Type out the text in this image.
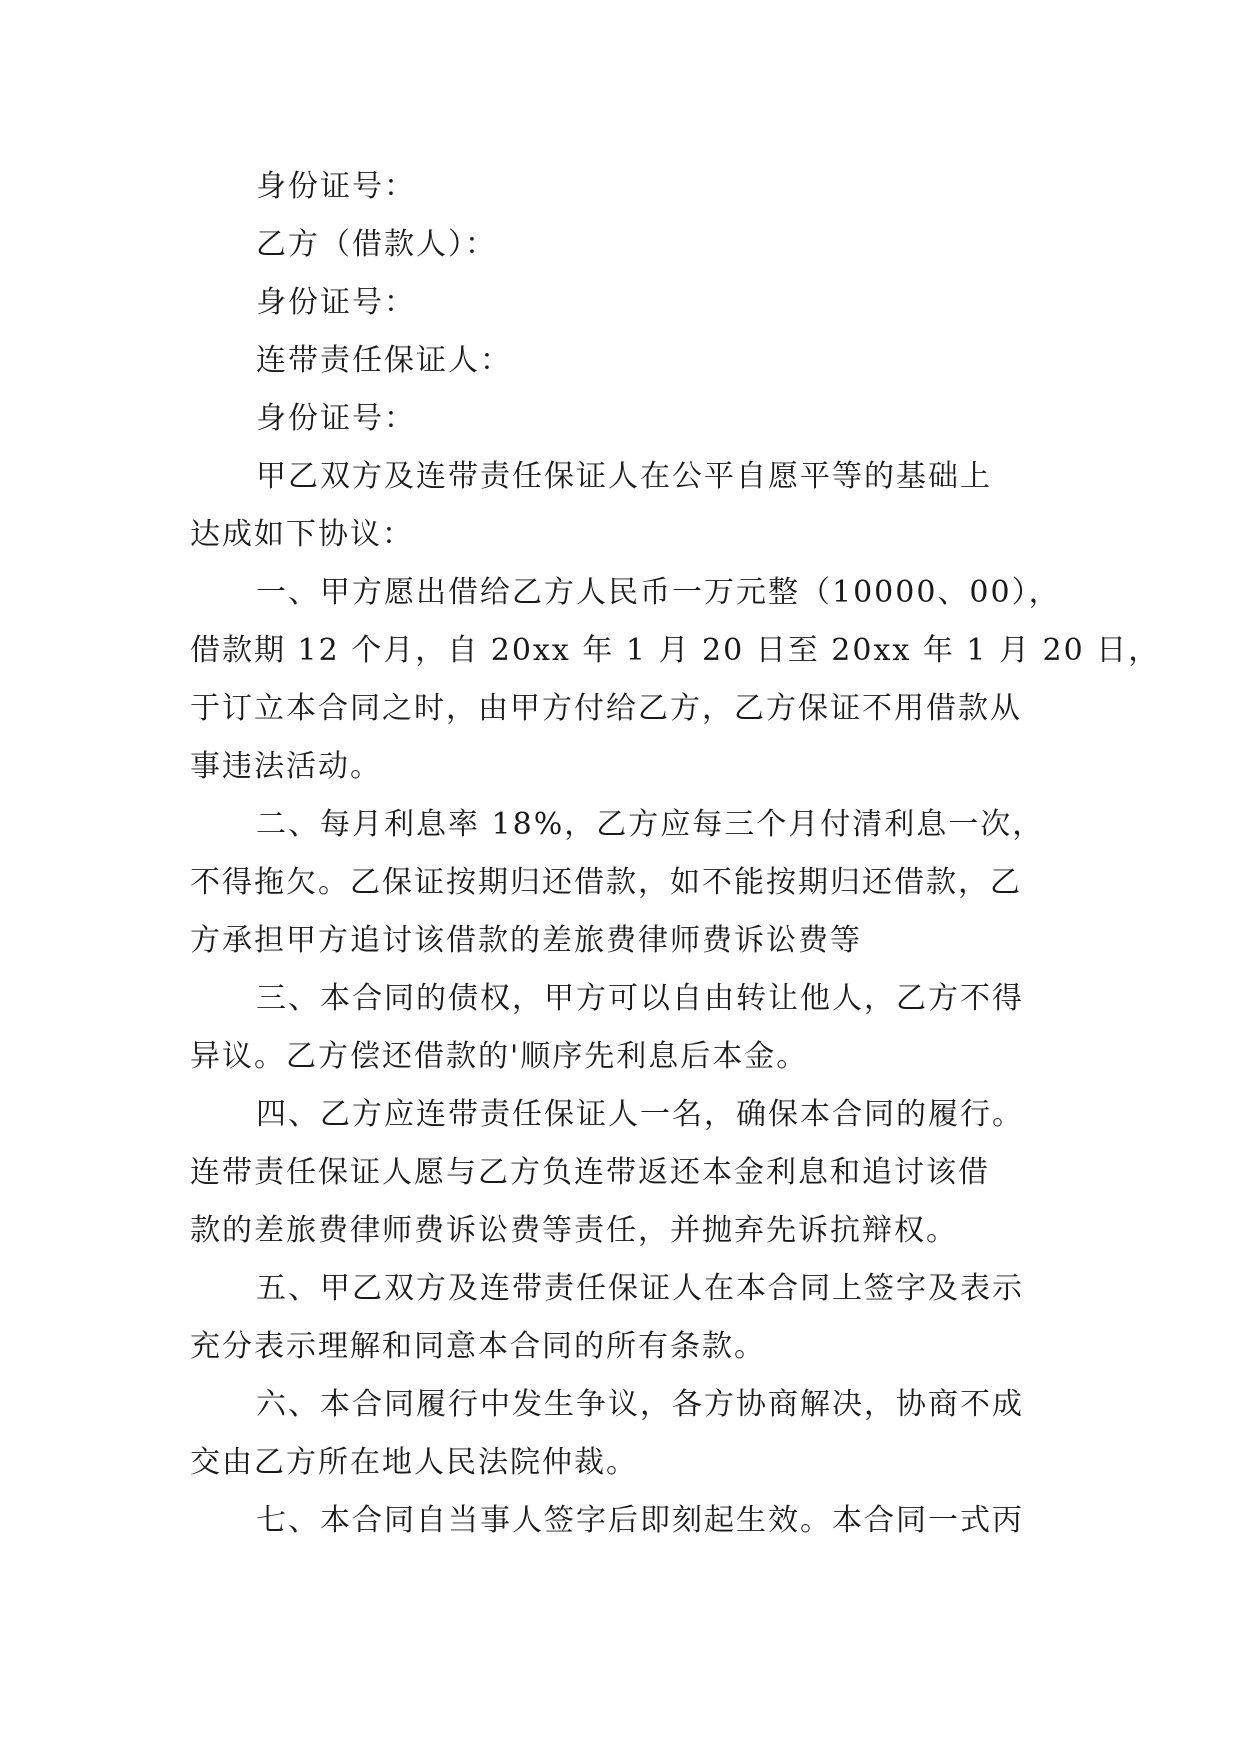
身份证号：
乙方（借款人）：
身份证号：
连带责任保证人：
身份证号：
甲乙双方及连带责任保证人在公平自愿平等的基础上
达成如下协议：
一、甲方愿出借给乙方人民币一万元整（10000、00），
借款期 12 个月，自 20xx 年 1 月 20 日至 20xx 年 1 月 20 日，
于订立本合同之时，由甲方付给乙方，乙方保证不用借款从
事违法活动。
二、每月利息率 18%，乙方应每三个月付清利息一次，
不得拖欠。乙保证按期归还借款，如不能按期归还借款，乙
方承担甲方追讨该借款的差旅费律师费诉讼费等
三、本合同的债权，甲方可以自由转让他人，乙方不得
异议。乙方偿还借款的'顺序先利息后本金。
四、乙方应连带责任保证人一名，确保本合同的履行。
连带责任保证人愿与乙方负连带返还本金利息和追讨该借
款的差旅费律师费诉讼费等责任，并抛弃先诉抗辩权。
五、甲乙双方及连带责任保证人在本合同上签字及表示
充分表示理解和同意本合同的所有条款。
六、本合同履行中发生争议，各方协商解决，协商不成
交由乙方所在地人民法院仲裁。
七、本合同自当事人签字后即刻起生效。本合同一式丙
